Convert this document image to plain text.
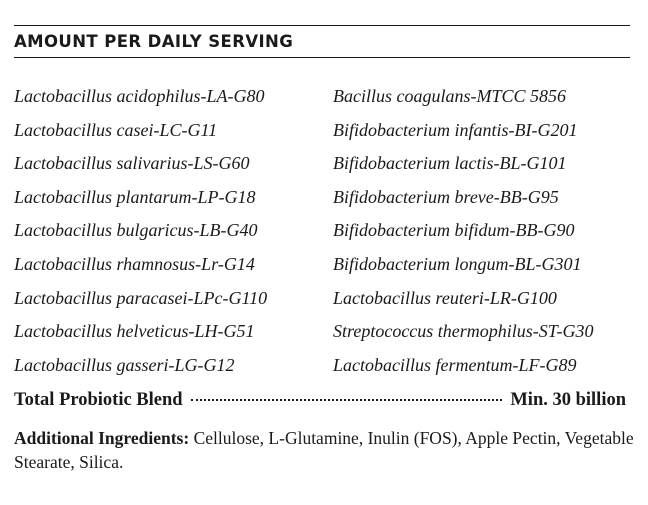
AMOUNT PER DAILY SERVING
Lactobacillus acidophilus-LA-G80
Lactobacillus casei-LC-G11
Lactobacillus salivarius-LS-G60
Lactobacillus plantarum-LP-G18
Lactobacillus bulgaricus-LB-G40
Lactobacillus rhamnosus-Lr-G14
Lactobacillus paracasei-LPc-G110
Lactobacillus helveticus-LH-G51
Lactobacillus gasseri-LG-G12
Bacillus coagulans-MTCC 5856
Bifidobacterium infantis-BI-G201
Bifidobacterium lactis-BL-G101
Bifidobacterium breve-BB-G95
Bifidobacterium bifidum-BB-G90
Bifidobacterium longum-BL-G301
Lactobacillus reuteri-LR-G100
Streptococcus thermophilus-ST-G30
Lactobacillus fermentum-LF-G89
Total Probiotic Blend	Min. 30 billion
Additional Ingredients: Cellulose, L-Glutamine, Inulin (FOS), Apple Pectin, Vegetable Stearate, Silica.
